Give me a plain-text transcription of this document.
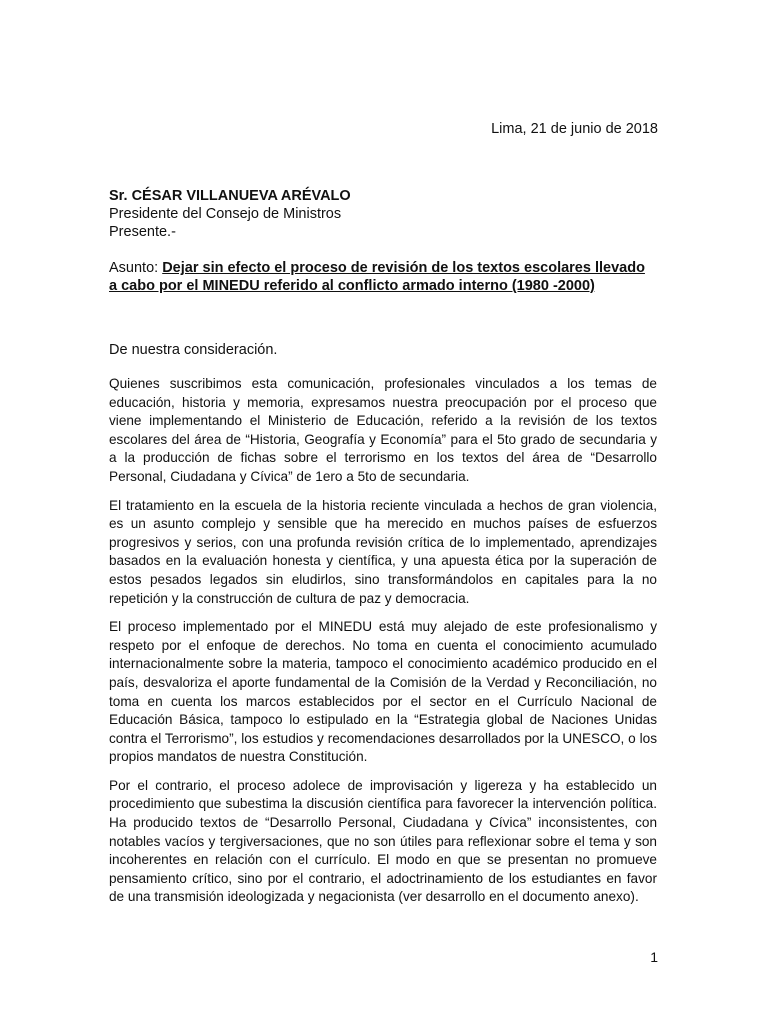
Lima, 21 de junio de 2018
Sr. CÉSAR VILLANUEVA ARÉVALO
Presidente del Consejo de Ministros
Presente.-
Asunto: Dejar sin efecto el proceso de revisión de los textos escolares llevado a cabo por el MINEDU referido al conflicto armado interno (1980 -2000)
De nuestra consideración.

Quienes suscribimos esta comunicación, profesionales vinculados a los temas de educación, historia y memoria, expresamos nuestra preocupación por el proceso que viene implementando el Ministerio de Educación, referido a la revisión de los textos escolares del área de “Historia, Geografía y Economía” para el 5to grado de secundaria y a la producción de fichas sobre el terrorismo en los textos del área de “Desarrollo Personal, Ciudadana y Cívica” de 1ero a 5to de secundaria.

El tratamiento en la escuela de la historia reciente vinculada a hechos de gran violencia, es un asunto complejo y sensible que ha merecido en muchos países de esfuerzos progresivos y serios, con una profunda revisión crítica de lo implementado, aprendizajes basados en la evaluación honesta y científica, y una apuesta ética por la superación de estos pesados legados sin eludirlos, sino transformándolos en capitales para la no repetición y la construcción de cultura de paz y democracia.

El proceso implementado por el MINEDU está muy alejado de este profesionalismo y respeto por el enfoque de derechos. No toma en cuenta el conocimiento acumulado internacionalmente sobre la materia, tampoco el conocimiento académico producido en el país, desvaloriza el aporte fundamental de la Comisión de la Verdad y Reconciliación, no toma en cuenta los marcos establecidos por el sector en el Currículo Nacional de Educación Básica, tampoco lo estipulado en la “Estrategia global de Naciones Unidas contra el Terrorismo”, los estudios y recomendaciones desarrollados por la UNESCO, o los propios mandatos de nuestra Constitución.

Por el contrario, el proceso adolece de improvisación y ligereza y ha establecido un procedimiento que subestima la discusión científica para favorecer la intervención política. Ha producido textos de “Desarrollo Personal, Ciudadana y Cívica” inconsistentes, con notables vacíos y tergiversaciones, que no son útiles para reflexionar sobre el tema y son incoherentes en relación con el currículo. El modo en que se presentan no promueve pensamiento crítico, sino por el contrario, el adoctrinamiento de los estudiantes en favor de una transmisión ideologizada y negacionista (ver desarrollo en el documento anexo).

1
